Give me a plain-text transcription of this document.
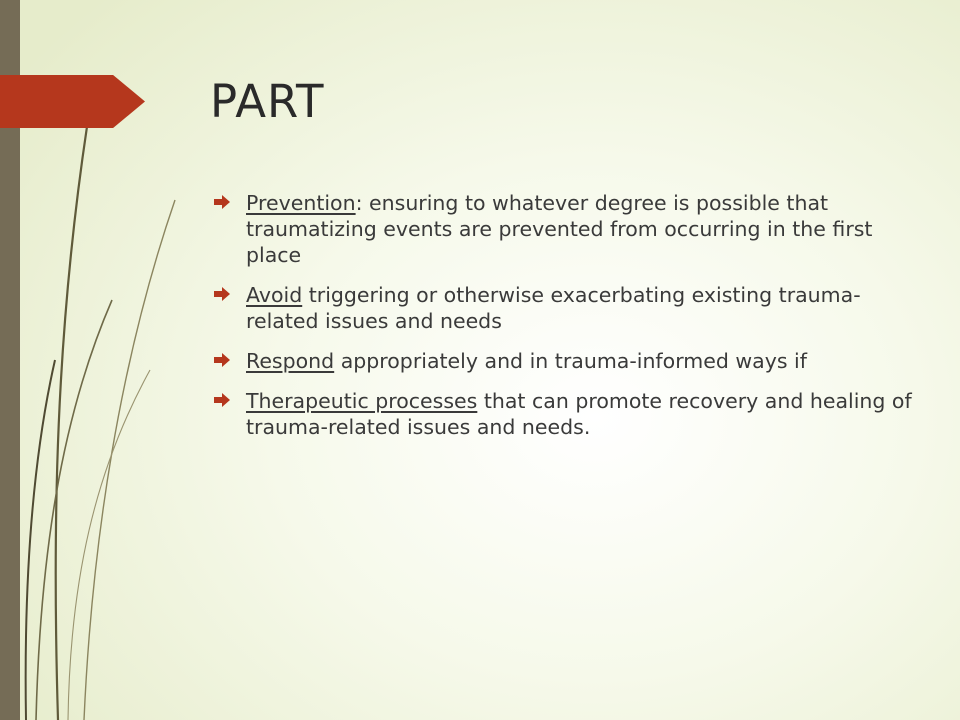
PART
Prevention: ensuring to whatever degree is possible that traumatizing events are prevented from occurring in the first place
Avoid triggering or otherwise exacerbating existing trauma-related issues and needs
Respond appropriately and in trauma-informed ways if
Therapeutic processes that can promote recovery and healing of trauma-related issues and needs.
